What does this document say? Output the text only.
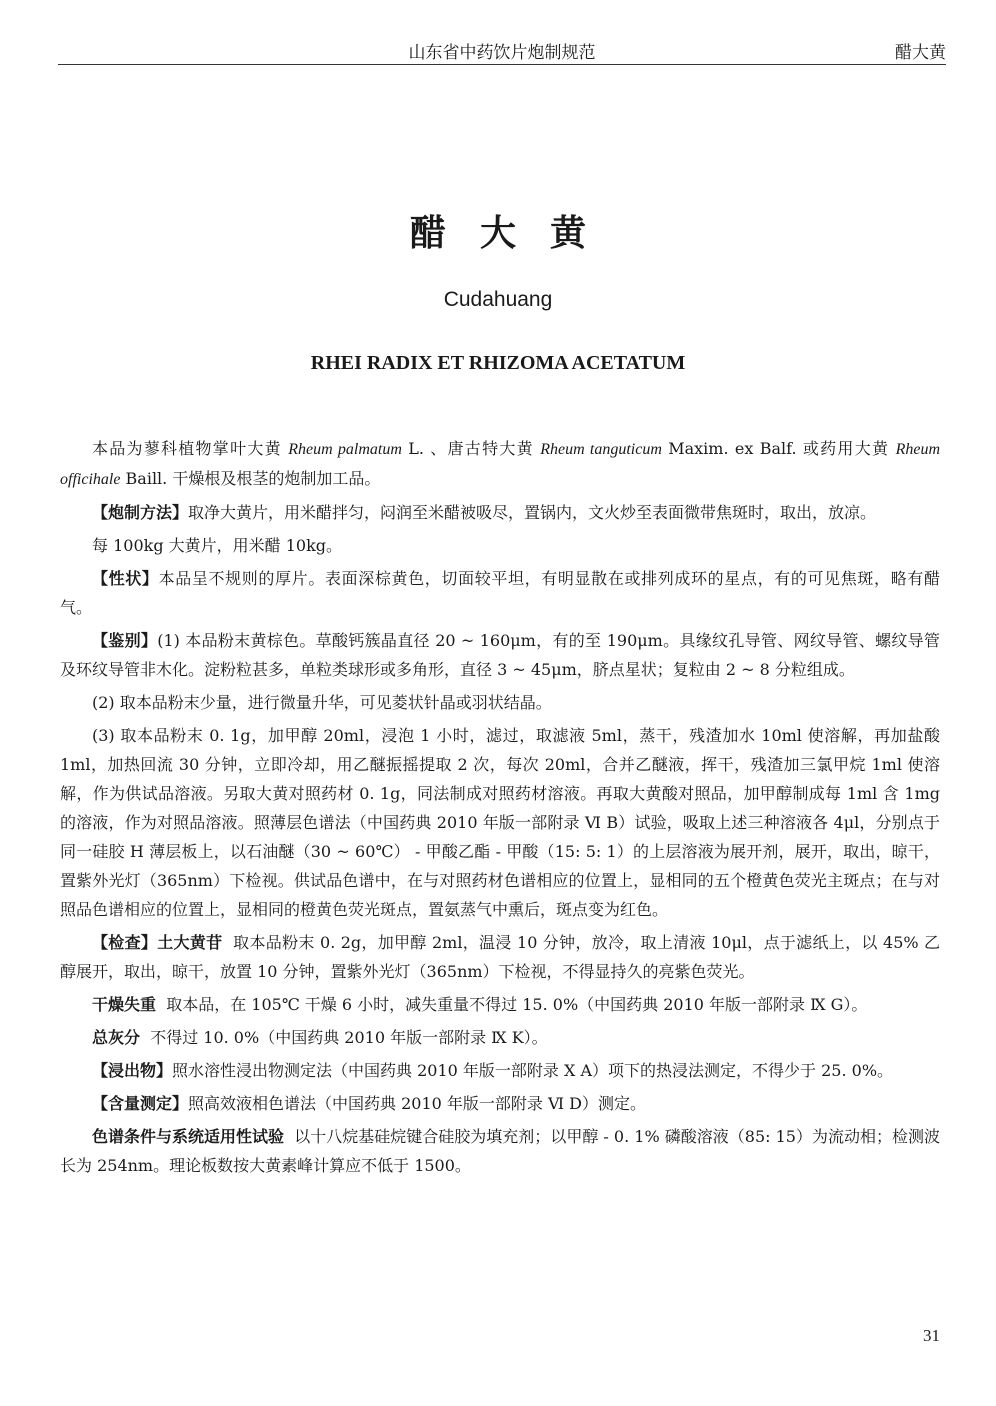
山东省中药饮片炮制规范	醋大黄
醋大黄
Cudahuang
RHEI RADIX ET RHIZOMA ACETATUM

本品为蓼科植物掌叶大黄 Rheum palmatum L. 、唐古特大黄 Rheum tanguticum Maxim. ex Balf. 或药用大黄 Rheum officihale Baill. 干燥根及根茎的炮制加工品。

【炮制方法】取净大黄片，用米醋拌匀，闷润至米醋被吸尽，置锅内，文火炒至表面微带焦斑时，取出，放凉。

每 100kg 大黄片，用米醋 10kg。

【性状】本品呈不规则的厚片。表面深棕黄色，切面较平坦，有明显散在或排列成环的星点，有的可见焦斑，略有醋气。

【鉴别】(1) 本品粉末黄棕色。草酸钙簇晶直径 20 ~ 160μm，有的至 190μm。具缘纹孔导管、网纹导管、螺纹导管及环纹导管非木化。淀粉粒甚多，单粒类球形或多角形，直径 3 ~ 45μm，脐点星状；复粒由 2 ~ 8 分粒组成。

(2) 取本品粉末少量，进行微量升华，可见菱状针晶或羽状结晶。

(3) 取本品粉末 0. 1g，加甲醇 20ml，浸泡 1 小时，滤过，取滤液 5ml，蒸干，残渣加水 10ml 使溶解，再加盐酸 1ml，加热回流 30 分钟，立即冷却，用乙醚振摇提取 2 次，每次 20ml，合并乙醚液，挥干，残渣加三氯甲烷 1ml 使溶解，作为供试品溶液。另取大黄对照药材 0. 1g，同法制成对照药材溶液。再取大黄酸对照品，加甲醇制成每 1ml 含 1mg 的溶液，作为对照品溶液。照薄层色谱法（中国药典 2010 年版一部附录 Ⅵ B）试验，吸取上述三种溶液各 4μl，分别点于同一硅胶 H 薄层板上，以石油醚（30 ~ 60℃） - 甲酸乙酯 - 甲酸（15: 5: 1）的上层溶液为展开剂，展开，取出，晾干，置紫外光灯（365nm）下检视。供试品色谱中，在与对照药材色谱相应的位置上，显相同的五个橙黄色荧光主斑点；在与对照品色谱相应的位置上，显相同的橙黄色荧光斑点，置氨蒸气中熏后，斑点变为红色。

【检查】土大黄苷 取本品粉末 0. 2g，加甲醇 2ml，温浸 10 分钟，放冷，取上清液 10μl，点于滤纸上，以 45% 乙醇展开，取出，晾干，放置 10 分钟，置紫外光灯（365nm）下检视，不得显持久的亮紫色荧光。

干燥失重 取本品，在 105℃ 干燥 6 小时，减失重量不得过 15. 0%（中国药典 2010 年版一部附录 Ⅸ G）。

总灰分 不得过 10. 0%（中国药典 2010 年版一部附录 Ⅸ K）。

【浸出物】照水溶性浸出物测定法（中国药典 2010 年版一部附录 X A）项下的热浸法测定，不得少于 25. 0%。

【含量测定】照高效液相色谱法（中国药典 2010 年版一部附录 Ⅵ D）测定。

色谱条件与系统适用性试验 以十八烷基硅烷键合硅胶为填充剂；以甲醇 - 0. 1% 磷酸溶液（85: 15）为流动相；检测波长为 254nm。理论板数按大黄素峰计算应不低于 1500。

31
